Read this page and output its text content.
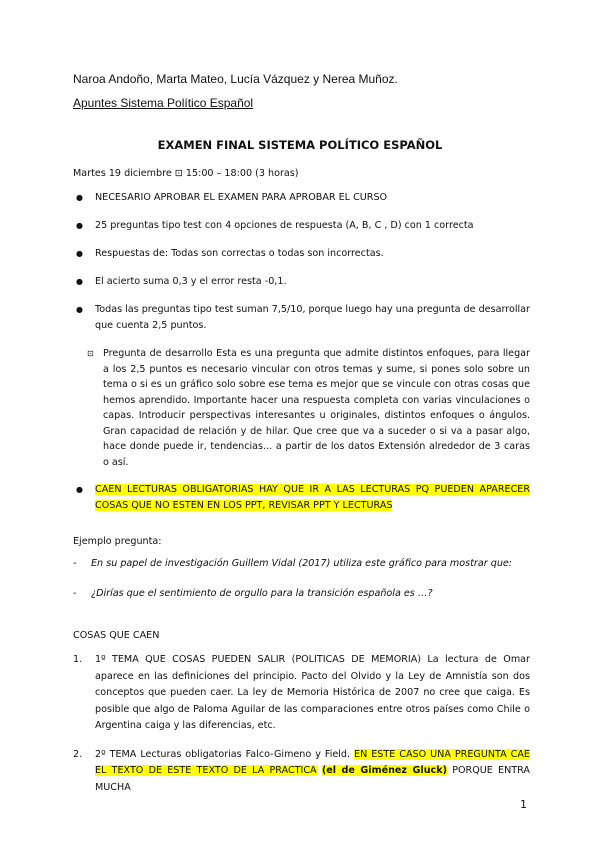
Naroa Andoño, Marta Mateo, Lucía Vázquez y Nerea Muñoz.
Apuntes Sistema Político Español
EXAMEN FINAL SISTEMA POLÍTICO ESPAÑOL
Martes 19 diciembre ⊡ 15:00 – 18:00 (3 horas)
● NECESARIO APROBAR EL EXAMEN PARA APROBAR EL CURSO
● 25 preguntas tipo test con 4 opciones de respuesta (A, B, C , D) con 1 correcta
● Respuestas de: Todas son correctas o todas son incorrectas.
● El acierto suma 0,3 y el error resta -0,1.
● Todas las preguntas tipo test suman 7,5/10, porque luego hay una pregunta de desarrollar que cuenta 2,5 puntos.
⊡ Pregunta de desarrollo Esta es una pregunta que admite distintos enfoques, para llegar a los 2,5 puntos es necesario vincular con otros temas y sume, si pones solo sobre un tema o si es un gráfico solo sobre ese tema es mejor que se vincule con otras cosas que hemos aprendido. Importante hacer una respuesta completa con varias vinculaciones o capas. Introducir perspectivas interesantes u originales, distintos enfoques o ángulos. Gran capacidad de relación y de hilar. Que cree que va a suceder o si va a pasar algo, hace donde puede ir, tendencias... a partir de los datos Extensión alrededor de 3 caras o así.
● CAEN LECTURAS OBLIGATORIAS HAY QUE IR A LAS LECTURAS PQ PUEDEN APARECER COSAS QUE NO ESTEN EN LOS PPT, REVISAR PPT Y LECTURAS
Ejemplo pregunta:
- En su papel de investigación Guillem Vidal (2017) utiliza este gráfico para mostrar que:
- ¿Dirías que el sentimiento de orgullo para la transición española es …?
COSAS QUE CAEN
1. 1º TEMA QUE COSAS PUEDEN SALIR (POLITICAS DE MEMORIA) La lectura de Omar aparece en las definiciones del principio. Pacto del Olvido y la Ley de Amnistía son dos conceptos que pueden caer. La ley de Memoria Histórica de 2007 no cree que caiga. Es posible que algo de Paloma Aguilar de las comparaciones entre otros países como Chile o Argentina caiga y las diferencias, etc.
2. 2º TEMA Lecturas obligatorias Falco-Gimeno y Field. EN ESTE CASO UNA PREGUNTA CAE EL TEXTO DE ESTE TEXTO DE LA PRACTICA (el de Giménez Gluck) PORQUE ENTRA MUCHA
1
